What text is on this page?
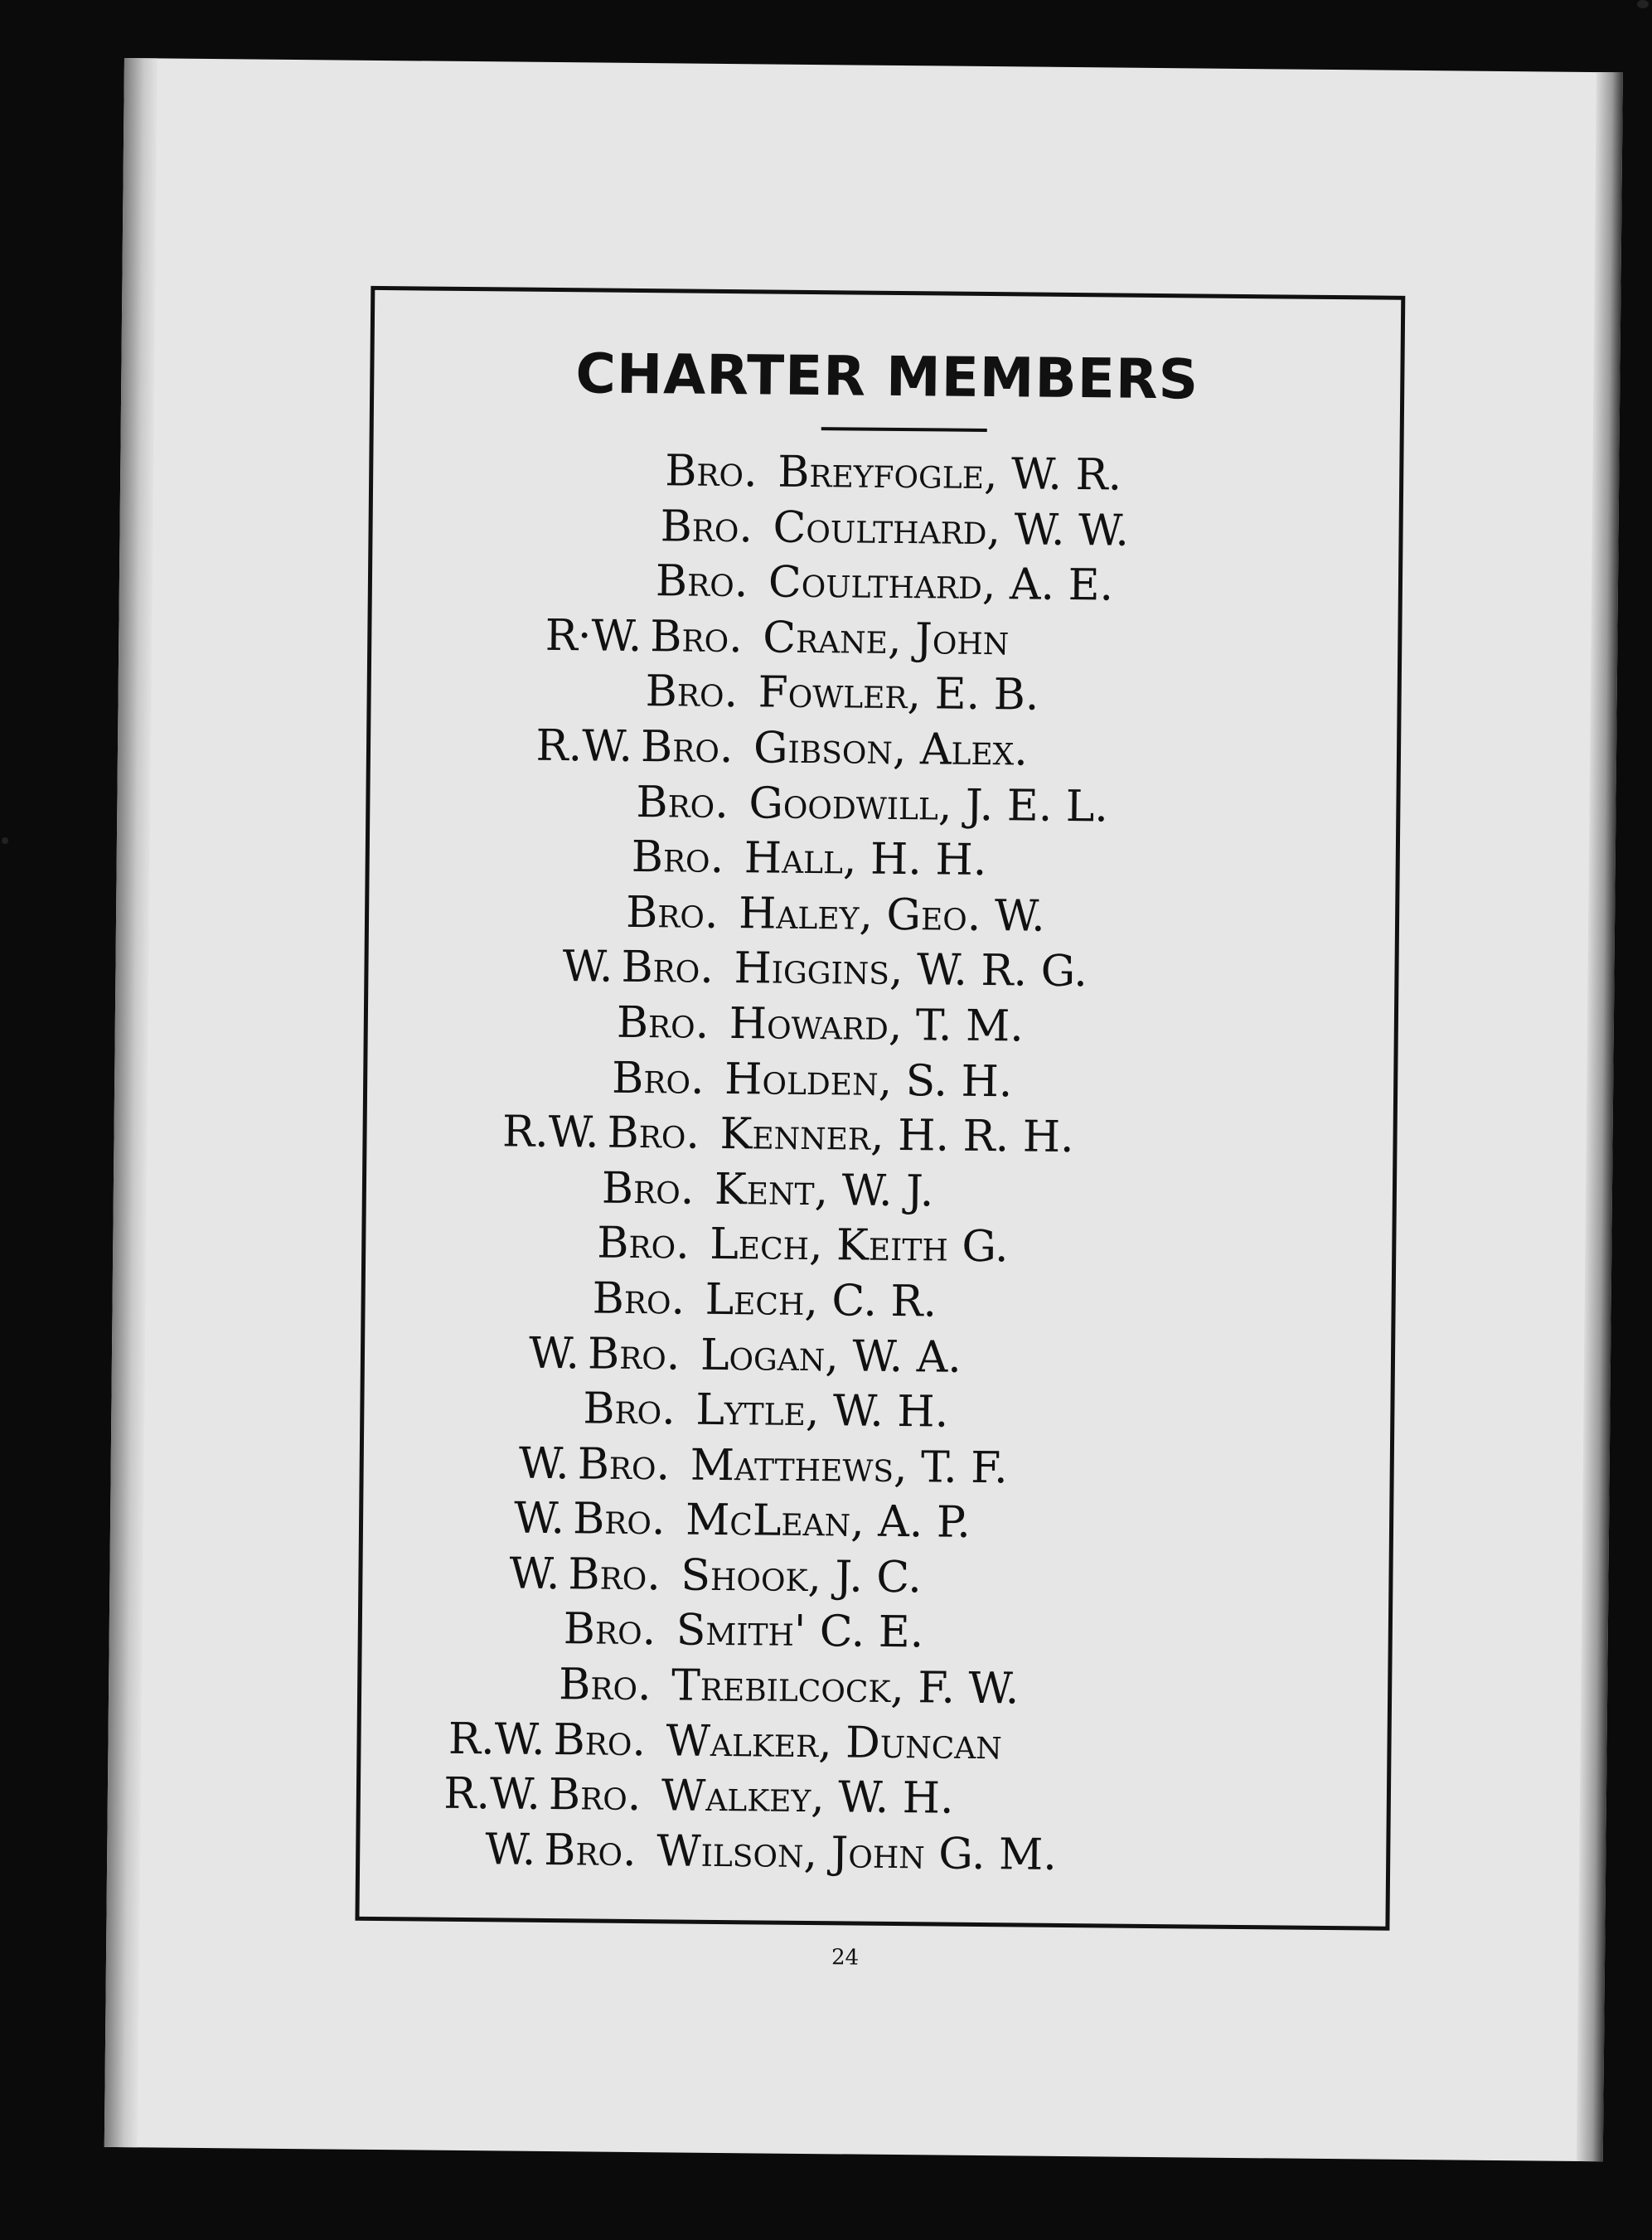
CHARTER MEMBERS
Bro. Breyfogle, W. R.
Bro. Coulthard, W. W.
Bro. Coulthard, A. E.
R·W. Bro. Crane, John
Bro. Fowler, E. B.
R.W. Bro. Gibson, Alex.
Bro. Goodwill, J. E. L.
Bro. Hall, H. H.
Bro. Haley, Geo. W.
W. Bro. Higgins, W. R. G.
Bro. Howard, T. M.
Bro. Holden, S. H.
R.W. Bro. Kenner, H. R. H.
Bro. Kent, W. J.
Bro. Lech, Keith G.
Bro. Lech, C. R.
W. Bro. Logan, W. A.
Bro. Lytle, W. H.
W. Bro. Matthews, T. F.
W. Bro. McLean, A. P.
W. Bro. Shook, J. C.
Bro. Smith' C. E.
Bro. Trebilcock, F. W.
R.W. Bro. Walker, Duncan
R.W. Bro. Walkey, W. H.
W. Bro. Wilson, John G. M.
24
